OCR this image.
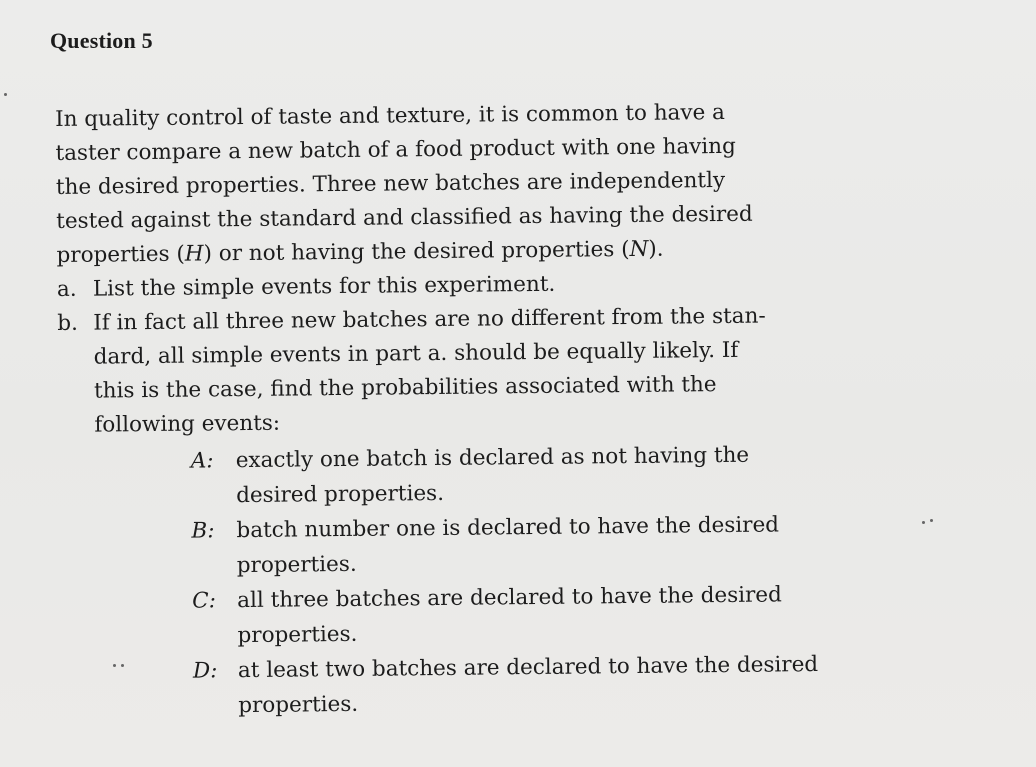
Question 5

In quality control of taste and texture, it is common to have a
taster compare a new batch of a food product with one having
the desired properties. Three new batches are independently
tested against the standard and classified as having the desired
properties (H) or not having the desired properties (N).

a. List the simple events for this experiment.
b. If in fact all three new batches are no different from the stan-
dard, all simple events in part a. should be equally likely. If
this is the case, find the probabilities associated with the
following events:
A: exactly one batch is declared as not having the
desired properties.
B: batch number one is declared to have the desired
properties.
C: all three batches are declared to have the desired
properties.
D: at least two batches are declared to have the desired
properties.
